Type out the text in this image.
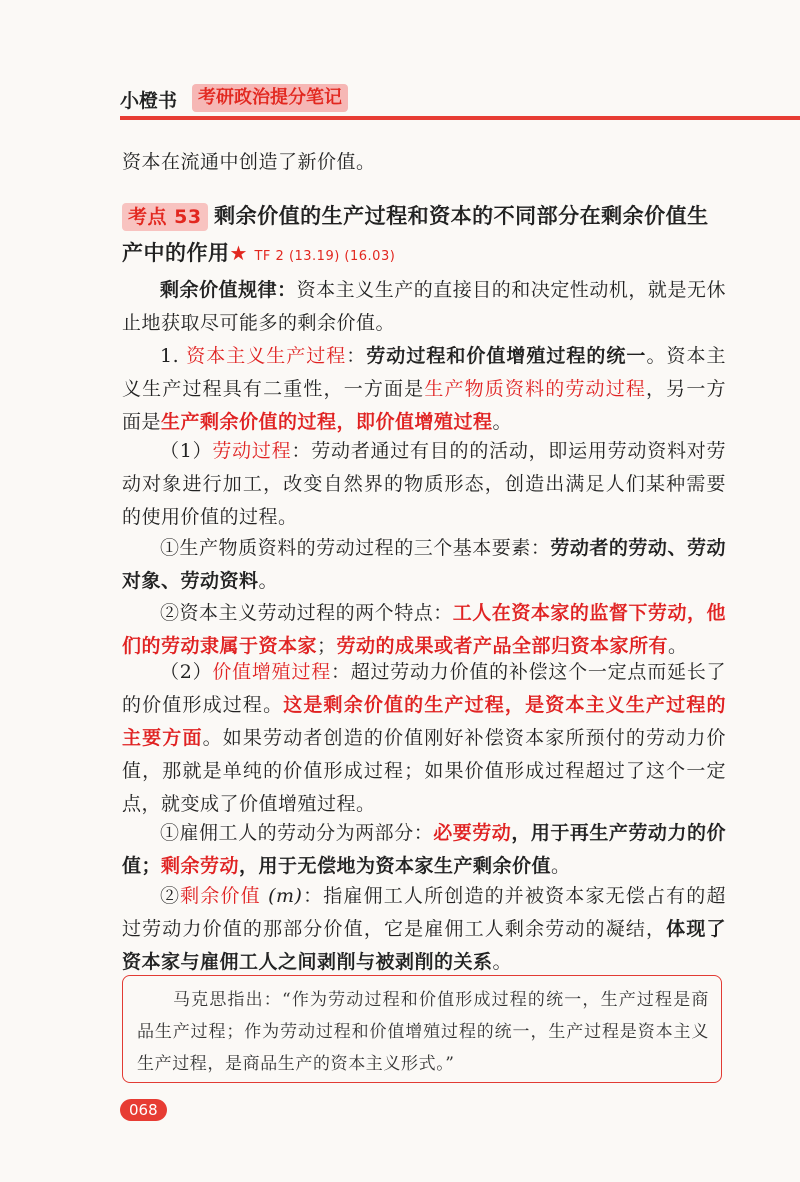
小橙书	考研政治提分笔记
资本在流通中创造了新价值。
考点 53 剩余价值的生产过程和资本的不同部分在剩余价值生
产中的作用★ TF 2 (13.19) (16.03)
剩余价值规律：资本主义生产的直接目的和决定性动机，就是无休止地获取尽可能多的剩余价值。
1. 资本主义生产过程：劳动过程和价值增殖过程的统一。资本主义生产过程具有二重性，一方面是生产物质资料的劳动过程，另一方面是生产剩余价值的过程，即价值增殖过程。
（1）劳动过程：劳动者通过有目的的活动，即运用劳动资料对劳动对象进行加工，改变自然界的物质形态，创造出满足人们某种需要的使用价值的过程。
①生产物质资料的劳动过程的三个基本要素：劳动者的劳动、劳动对象、劳动资料。
②资本主义劳动过程的两个特点：工人在资本家的监督下劳动，他们的劳动隶属于资本家；劳动的成果或者产品全部归资本家所有。
（2）价值增殖过程：超过劳动力价值的补偿这个一定点而延长了的价值形成过程。这是剩余价值的生产过程，是资本主义生产过程的主要方面。如果劳动者创造的价值刚好补偿资本家所预付的劳动力价值，那就是单纯的价值形成过程；如果价值形成过程超过了这个一定点，就变成了价值增殖过程。
①雇佣工人的劳动分为两部分：必要劳动，用于再生产劳动力的价值；剩余劳动，用于无偿地为资本家生产剩余价值。
②剩余价值 (m)：指雇佣工人所创造的并被资本家无偿占有的超过劳动力价值的那部分价值，它是雇佣工人剩余劳动的凝结，体现了资本家与雇佣工人之间剥削与被剥削的关系。
马克思指出：“作为劳动过程和价值形成过程的统一，生产过程是商品生产过程；作为劳动过程和价值增殖过程的统一，生产过程是资本主义生产过程，是商品生产的资本主义形式。”
068
